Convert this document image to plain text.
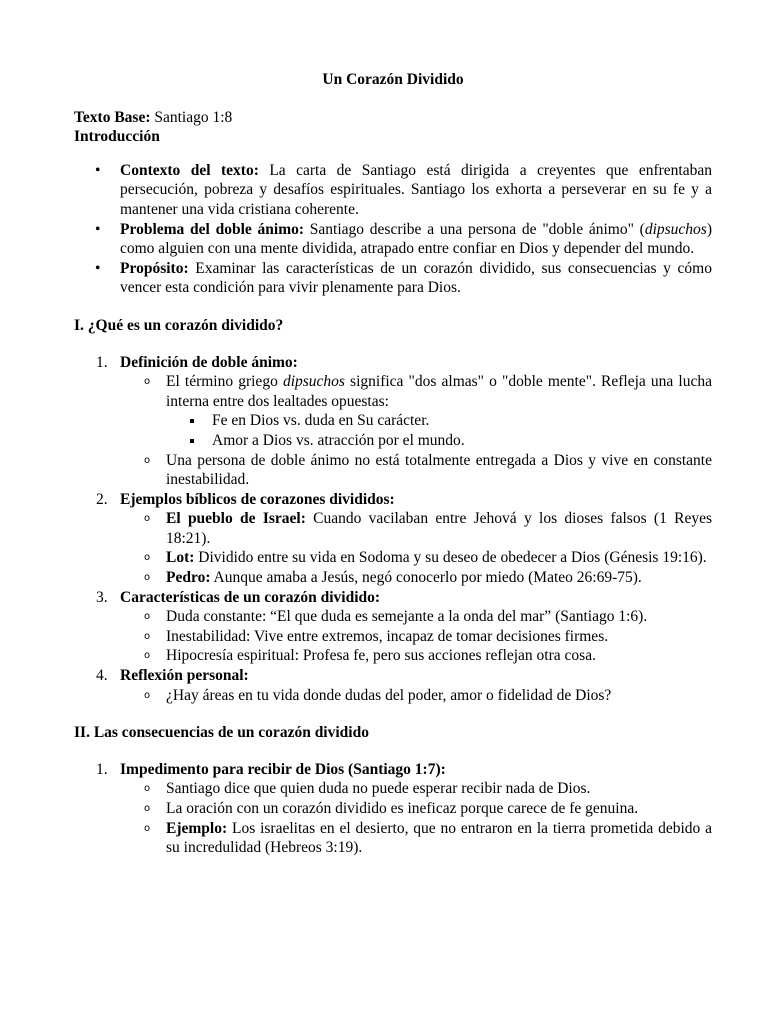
Un Corazón Dividido

Texto Base: Santiago 1:8

Introducción

• Contexto del texto: La carta de Santiago está dirigida a creyentes que enfrentaban persecución, pobreza y desafíos espirituales. Santiago los exhorta a perseverar en su fe y a mantener una vida cristiana coherente.
• Problema del doble ánimo: Santiago describe a una persona de "doble ánimo" (dipsuchos) como alguien con una mente dividida, atrapado entre confiar en Dios y depender del mundo.
• Propósito: Examinar las características de un corazón dividido, sus consecuencias y cómo vencer esta condición para vivir plenamente para Dios.
I. ¿Qué es un corazón dividido?
1. Definición de doble ánimo:
o El término griego dipsuchos significa "dos almas" o "doble mente". Refleja una lucha interna entre dos lealtades opuestas:
Fe en Dios vs. duda en Su carácter.
Amor a Dios vs. atracción por el mundo.
o Una persona de doble ánimo no está totalmente entregada a Dios y vive en constante inestabilidad.
2. Ejemplos bíblicos de corazones divididos:
o El pueblo de Israel: Cuando vacilaban entre Jehová y los dioses falsos (1 Reyes 18:21).
o Lot: Dividido entre su vida en Sodoma y su deseo de obedecer a Dios (Génesis 19:16).
o Pedro: Aunque amaba a Jesús, negó conocerlo por miedo (Mateo 26:69-75).
3. Características de un corazón dividido:
o Duda constante: “El que duda es semejante a la onda del mar” (Santiago 1:6).
o Inestabilidad: Vive entre extremos, incapaz de tomar decisiones firmes.
o Hipocresía espiritual: Profesa fe, pero sus acciones reflejan otra cosa.
4. Reflexión personal:
o ¿Hay áreas en tu vida donde dudas del poder, amor o fidelidad de Dios?
II. Las consecuencias de un corazón dividido
1. Impedimento para recibir de Dios (Santiago 1:7):
o Santiago dice que quien duda no puede esperar recibir nada de Dios.
o La oración con un corazón dividido es ineficaz porque carece de fe genuina.
o Ejemplo: Los israelitas en el desierto, que no entraron en la tierra prometida debido a su incredulidad (Hebreos 3:19).
